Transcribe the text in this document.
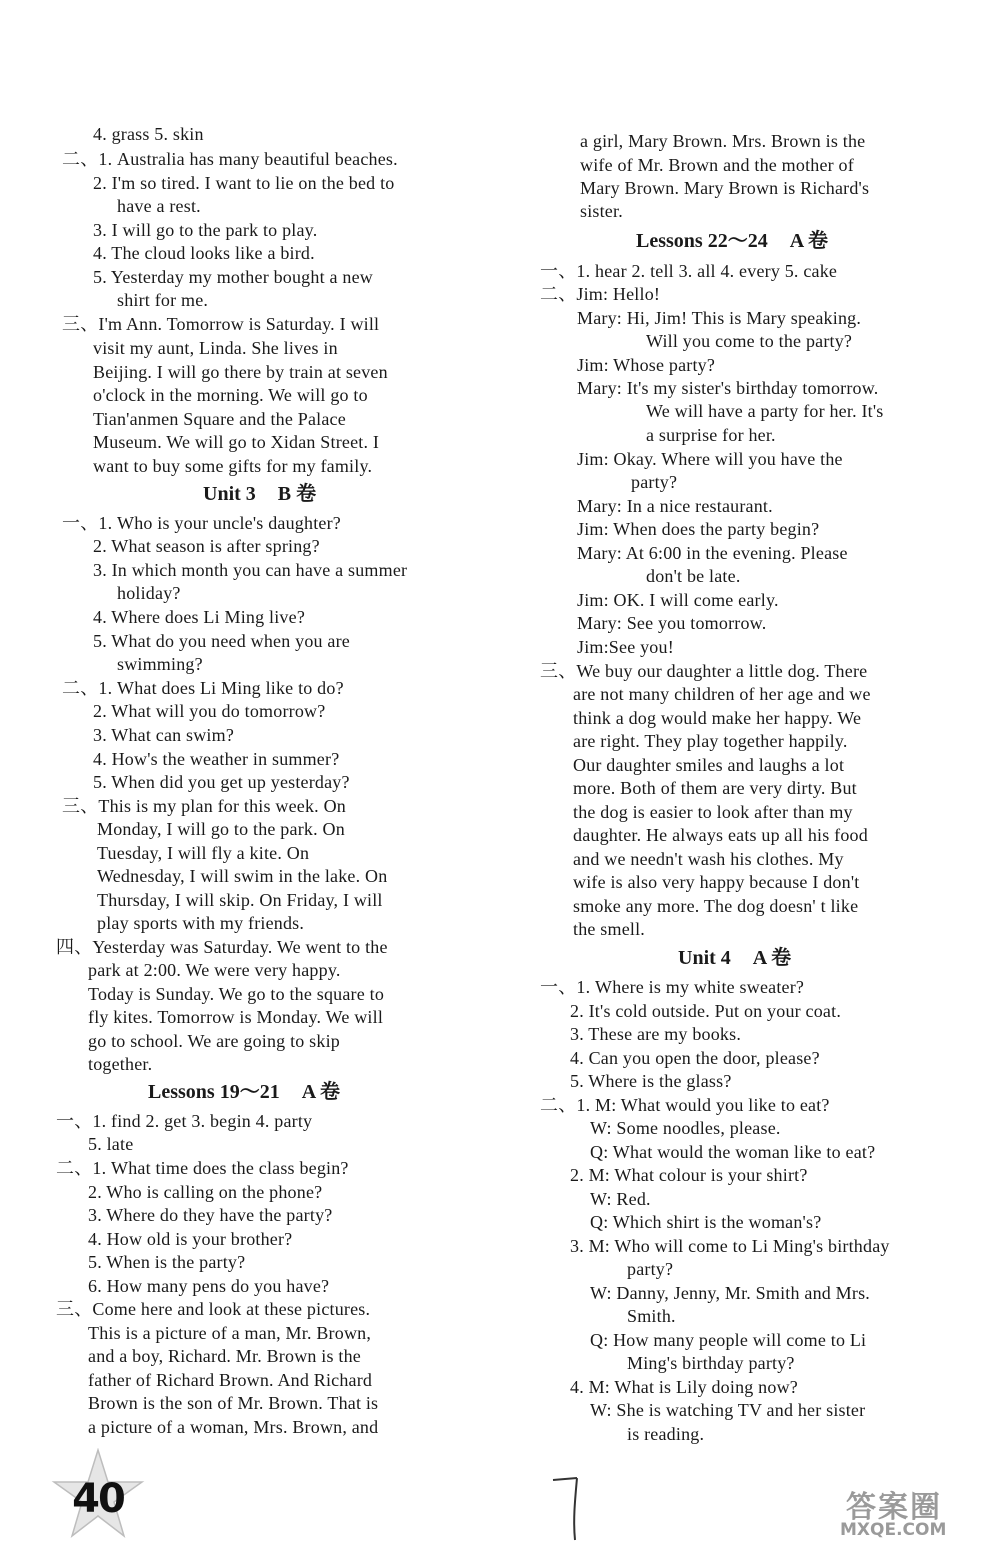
4. grass 5. skin
二、1. Australia has many beautiful beaches.
2. I'm so tired. I want to lie on the bed to
have a rest.
3. I will go to the park to play.
4. The cloud looks like a bird.
5. Yesterday my mother bought a new
shirt for me.
三、I'm Ann. Tomorrow is Saturday. I will
visit my aunt, Linda. She lives in
Beijing. I will go there by train at seven
o'clock in the morning. We will go to
Tian'anmen Square and the Palace
Museum. We will go to Xidan Street. I
want to buy some gifts for my family.
Unit 3 B 卷
一、1. Who is your uncle's daughter?
2. What season is after spring?
3. In which month you can have a summer
holiday?
4. Where does Li Ming live?
5. What do you need when you are
swimming?
二、1. What does Li Ming like to do?
2. What will you do tomorrow?
3. What can swim?
4. How's the weather in summer?
5. When did you get up yesterday?
三、This is my plan for this week. On
Monday, I will go to the park. On
Tuesday, I will fly a kite. On
Wednesday, I will swim in the lake. On
Thursday, I will skip. On Friday, I will
play sports with my friends.
四、Yesterday was Saturday. We went to the
park at 2:00. We were very happy.
Today is Sunday. We go to the square to
fly kites. Tomorrow is Monday. We will
go to school. We are going to skip
together.
Lessons 19～21 A 卷
一、1. find 2. get 3. begin 4. party
5. late
二、1. What time does the class begin?
2. Who is calling on the phone?
3. Where do they have the party?
4. How old is your brother?
5. When is the party?
6. How many pens do you have?
三、Come here and look at these pictures.
This is a picture of a man, Mr. Brown,
and a boy, Richard. Mr. Brown is the
father of Richard Brown. And Richard
Brown is the son of Mr. Brown. That is
a picture of a woman, Mrs. Brown, and
a girl, Mary Brown. Mrs. Brown is the
wife of Mr. Brown and the mother of
Mary Brown. Mary Brown is Richard's
sister.
Lessons 22～24 A 卷
一、1. hear 2. tell 3. all 4. every 5. cake
二、Jim: Hello!
Mary: Hi, Jim! This is Mary speaking.
Will you come to the party?
Jim: Whose party?
Mary: It's my sister's birthday tomorrow.
We will have a party for her. It's
a surprise for her.
Jim: Okay. Where will you have the
party?
Mary: In a nice restaurant.
Jim: When does the party begin?
Mary: At 6:00 in the evening. Please
don't be late.
Jim: OK. I will come early.
Mary: See you tomorrow.
Jim:See you!
三、We buy our daughter a little dog. There
are not many children of her age and we
think a dog would make her happy. We
are right. They play together happily.
Our daughter smiles and laughs a lot
more. Both of them are very dirty. But
the dog is easier to look after than my
daughter. He always eats up all his food
and we needn't wash his clothes. My
wife is also very happy because I don't
smoke any more. The dog doesn' t like
the smell.
Unit 4 A 卷
一、1. Where is my white sweater?
2. It's cold outside. Put on your coat.
3. These are my books.
4. Can you open the door, please?
5. Where is the glass?
二、1. M: What would you like to eat?
W: Some noodles, please.
Q: What would the woman like to eat?
2. M: What colour is your shirt?
W: Red.
Q: Which shirt is the woman's?
3. M: Who will come to Li Ming's birthday
party?
W: Danny, Jenny, Mr. Smith and Mrs.
Smith.
Q: How many people will come to Li
Ming's birthday party?
4. M: What is Lily doing now?
W: She is watching TV and her sister
is reading.
40	答案圈
MXQE.COM
